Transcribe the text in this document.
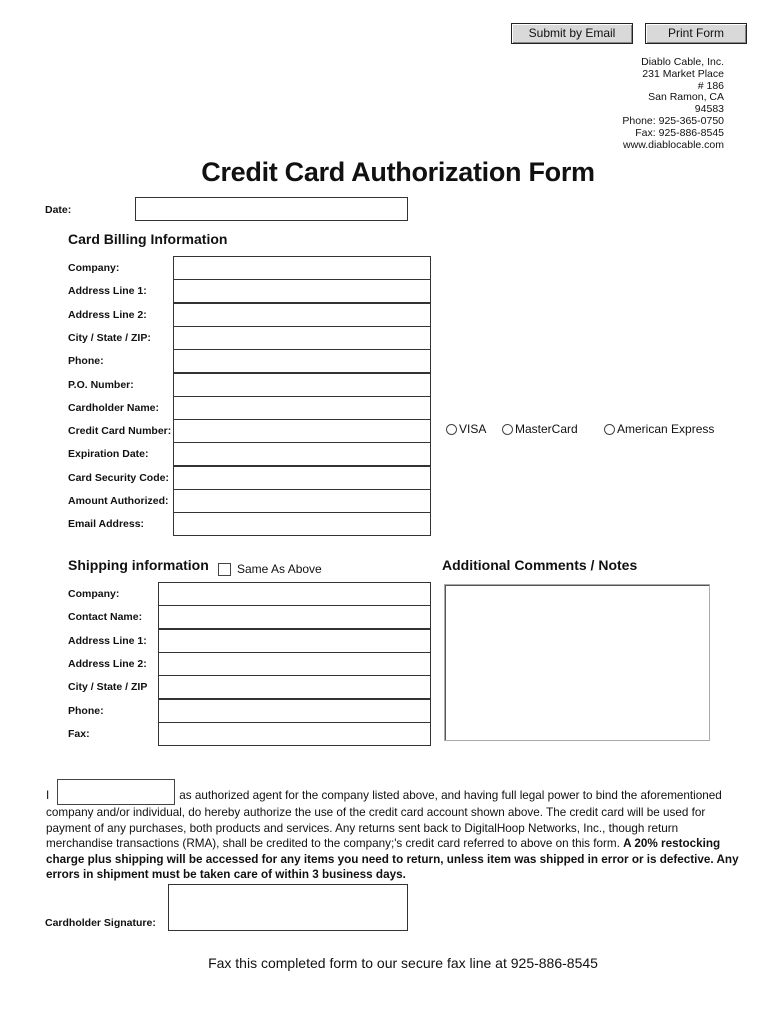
Submit by Email	Print Form
Diablo Cable, Inc.
231 Market Place
# 186
San Ramon, CA
94583
Phone: 925-365-0750
Fax: 925-886-8545
www.diablocable.com
Credit Card Authorization Form
Date:
Card Billing Information
Company:
Address Line 1:
Address Line 2:
City / State / ZIP:
Phone:
P.O. Number:
Cardholder Name:
Credit Card Number:
Expiration Date:
Card Security Code:
Amount Authorized:
Email Address:
VISA MasterCard	American Express
Shipping information Same As Above
Company:
Contact Name:
Address Line 1:
Address Line 2:
City / State / ZIP
Phone:
Fax:
Additional Comments / Notes
I	as authorized agent for the company listed above, and having full legal power to bind the aforementioned company and/or individual, do hereby authorize the use of the credit card account shown above. The credit card will be used for payment of any purchases, both products and services. Any returns sent back to DigitalHoop Networks, Inc., though return merchandise transactions (RMA), shall be credited to the company;'s credit card referred to above on this form. A 20% restocking charge plus shipping will be accessed for any items you need to return, unless item was shipped in error or is defective. Any errors in shipment must be taken care of within 3 business days.
Cardholder Signature:
Fax this completed form to our secure fax line at 925-886-8545
